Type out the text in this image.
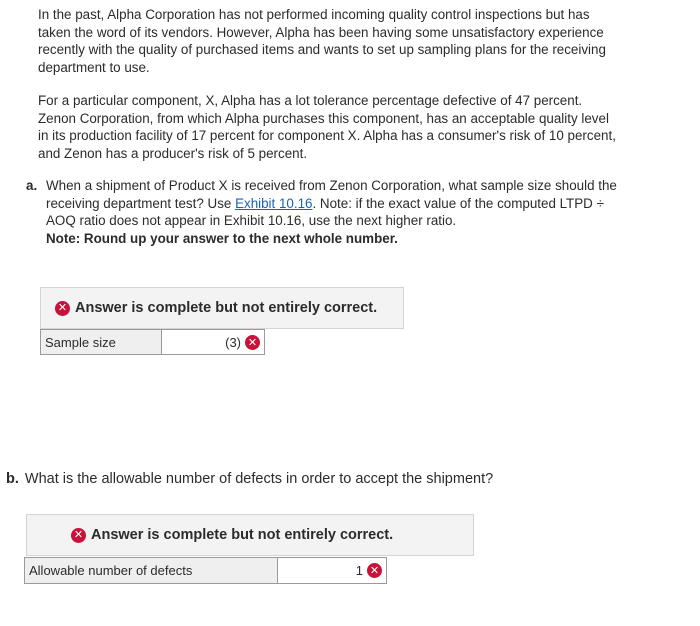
In the past, Alpha Corporation has not performed incoming quality control inspections but has taken the word of its vendors. However, Alpha has been having some unsatisfactory experience recently with the quality of purchased items and wants to set up sampling plans for the receiving department to use.

For a particular component, X, Alpha has a lot tolerance percentage defective of 47 percent. Zenon Corporation, from which Alpha purchases this component, has an acceptable quality level in its production facility of 17 percent for component X. Alpha has a consumer's risk of 10 percent, and Zenon has a producer's risk of 5 percent.

a. When a shipment of Product X is received from Zenon Corporation, what sample size should the receiving department test? Use Exhibit 10.16. Note: if the exact value of the computed LTPD ÷ AOQ ratio does not appear in Exhibit 10.16, use the next higher ratio.
Note: Round up your answer to the next whole number.
✕ Answer is complete but not entirely correct.
Sample size	(3) ✕

b. What is the allowable number of defects in order to accept the shipment?

✕ Answer is complete but not entirely correct.
Allowable number of defects	1 ✕
